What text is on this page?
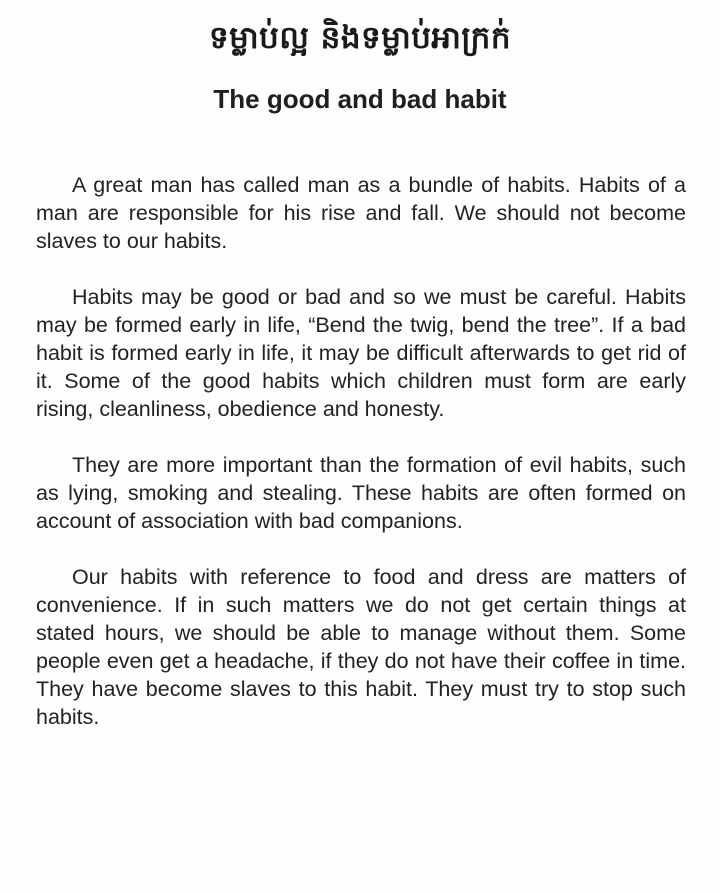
ទម្លាប់ល្អ និងទម្លាប់អាក្រក់
The good and bad habit

A great man has called man as a bundle of habits. Habits of a man are responsible for his rise and fall. We should not become slaves to our habits.

Habits may be good or bad and so we must be careful. Habits may be formed early in life, “Bend the twig, bend the tree”. If a bad habit is formed early in life, it may be difficult afterwards to get rid of it. Some of the good habits which children must form are early rising, cleanliness, obedience and honesty.

They are more important than the formation of evil habits, such as lying, smoking and stealing. These habits are often formed on account of association with bad companions.

Our habits with reference to food and dress are matters of convenience. If in such matters we do not get certain things at stated hours, we should be able to manage without them. Some people even get a headache, if they do not have their coffee in time. They have become slaves to this habit. They must try to stop such habits.
